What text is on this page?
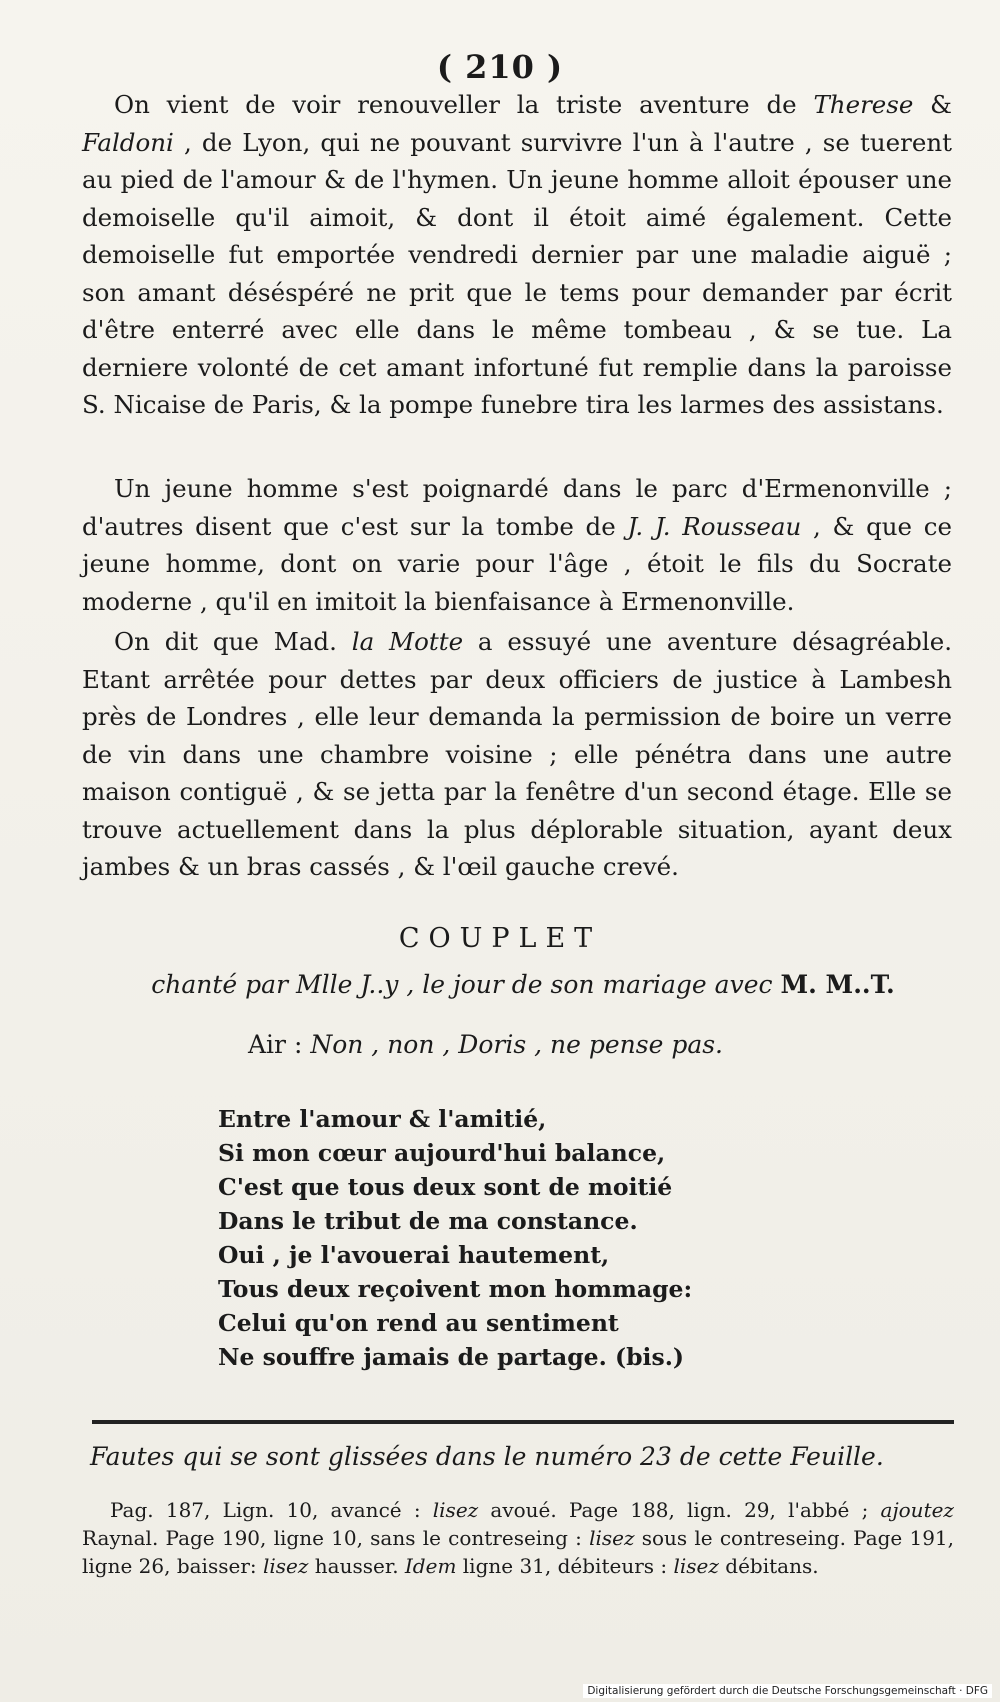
( 210 )
On vient de voir renouveller la triste aventure de Therese & Faldoni , de Lyon, qui ne pouvant survivre l'un à l'autre , se tuerent au pied de l'amour & de l'hymen. Un jeune homme alloit épouser une demoiselle qu'il aimoit, & dont il étoit aimé également. Cette demoiselle fut emportée vendredi dernier par une maladie aiguë ; son amant déséspéré ne prit que le tems pour demander par écrit d'être enterré avec elle dans le même tombeau , & se tue. La derniere volonté de cet amant infortuné fut remplie dans la paroisse S. Nicaise de Paris, & la pompe funebre tira les larmes des assistans.
Un jeune homme s'est poignardé dans le parc d'Ermenonville ; d'autres disent que c'est sur la tombe de J. J. Rousseau , & que ce jeune homme, dont on varie pour l'âge , étoit le fils du Socrate moderne , qu'il en imitoit la bienfaisance à Ermenonville.
On dit que Mad. la Motte a essuyé une aventure désagréable. Etant arrêtée pour dettes par deux officiers de justice à Lambesh près de Londres , elle leur demanda la permission de boire un verre de vin dans une chambre voisine ; elle pénétra dans une autre maison contiguë , & se jetta par la fenêtre d'un second étage. Elle se trouve actuellement dans la plus déplorable situation, ayant deux jambes & un bras cassés , & l'œil gauche crevé.
COUPLET
chanté par Mlle J..y , le jour de son mariage avec M. M..T.
Air : Non , non , Doris , ne pense pas.
Entre l'amour & l'amitié,
Si mon cœur aujourd'hui balance,
C'est que tous deux sont de moitié
Dans le tribut de ma constance.
Oui , je l'avouerai hautement,
Tous deux reçoivent mon hommage:
Celui qu'on rend au sentiment
Ne souffre jamais de partage. (bis.)
Fautes qui se sont glissées dans le numéro 23 de cette Feuille.
Pag. 187, Lign. 10, avancé : lisez avoué. Page 188, lign. 29, l'abbé ; ajoutez Raynal. Page 190, ligne 10, sans le contreseing : lisez sous le contreseing. Page 191, ligne 26, baisser: lisez hausser. Idem ligne 31, débiteurs : lisez débitans.
Digitalisierung gefördert durch die Deutsche Forschungsgemeinschaft · DFG
